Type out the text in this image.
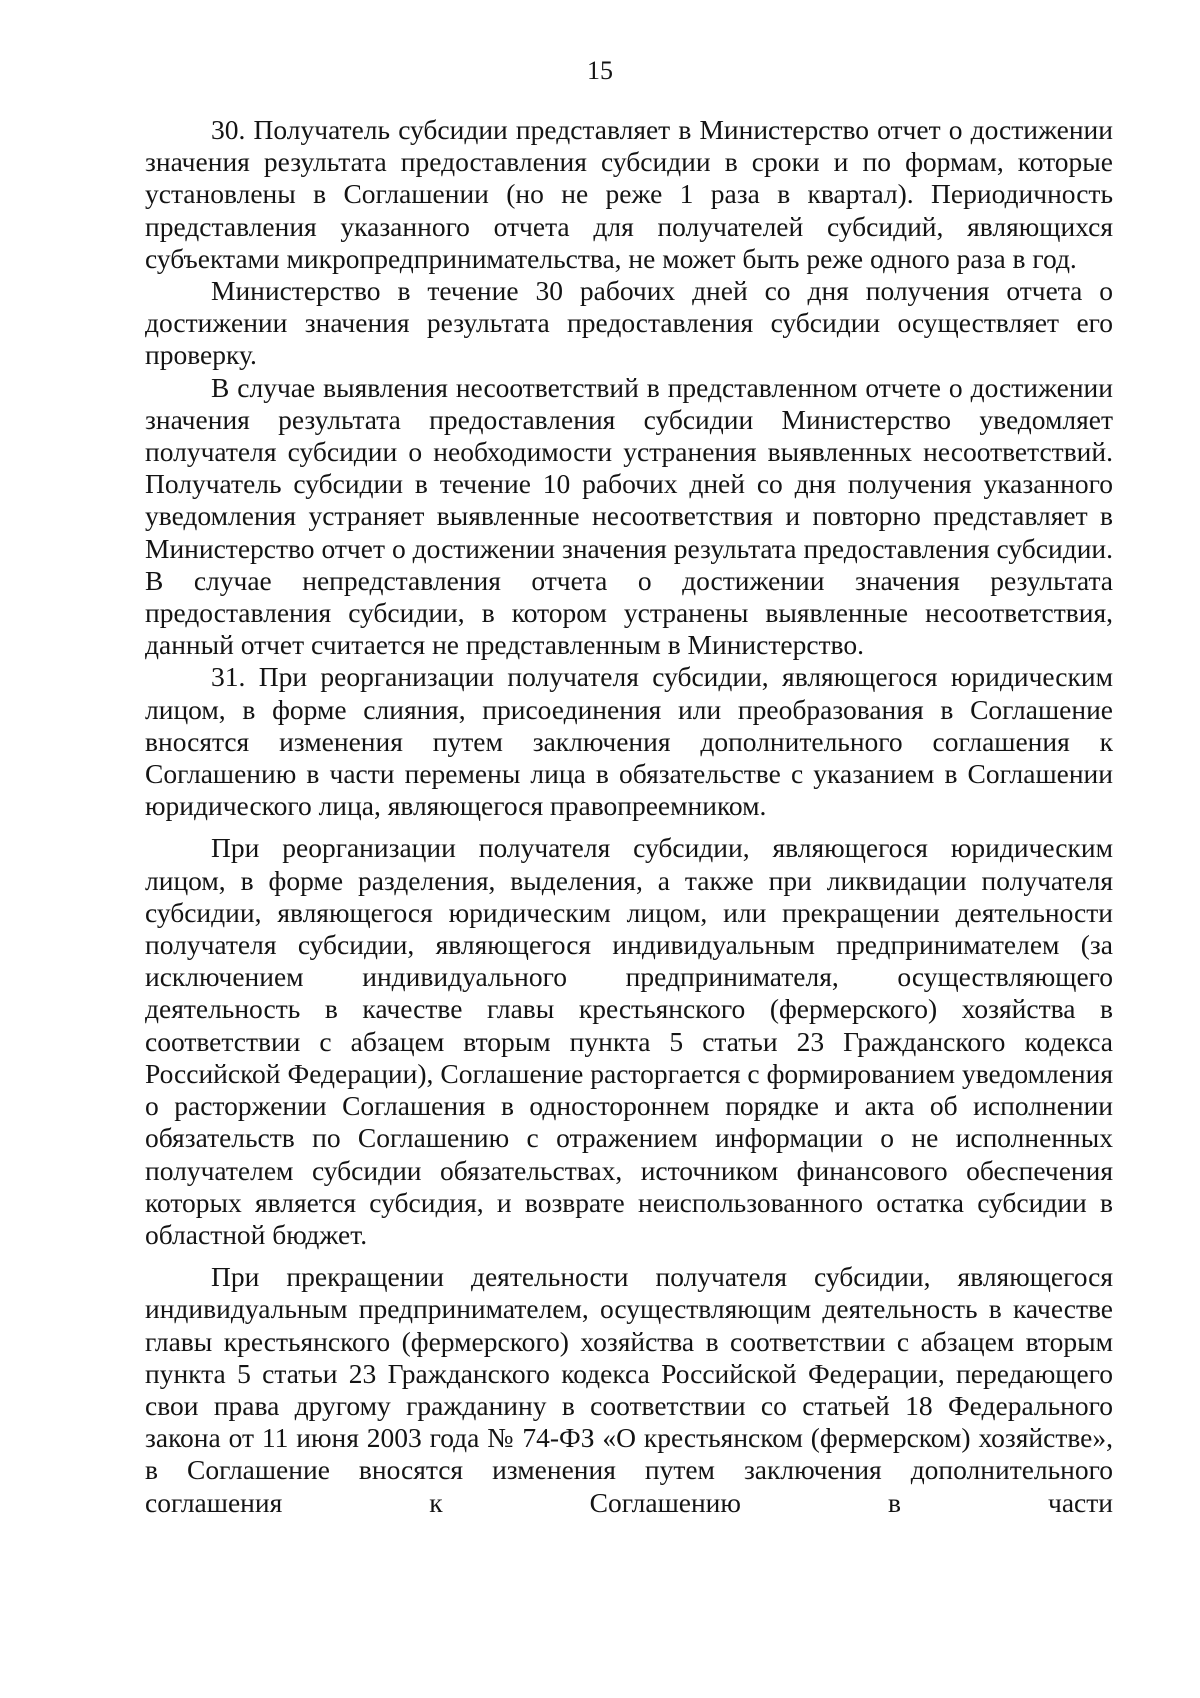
15

30. Получатель субсидии представляет в Министерство отчет о достижении значения результата предоставления субсидии в сроки и по формам, которые установлены в Соглашении (но не реже 1 раза в квартал). Периодичность представления указанного отчета для получателей субсидий, являющихся субъектами микропредпринимательства, не может быть реже одного раза в год.

Министерство в течение 30 рабочих дней со дня получения отчета о достижении значения результата предоставления субсидии осуществляет его проверку.

В случае выявления несоответствий в представленном отчете о достижении значения результата предоставления субсидии Министерство уведомляет получателя субсидии о необходимости устранения выявленных несоответствий. Получатель субсидии в течение 10 рабочих дней со дня получения указанного уведомления устраняет выявленные несоответствия и повторно представляет в Министерство отчет о достижении значения результата предоставления субсидии. В случае непредставления отчета о достижении значения результата предоставления субсидии, в котором устранены выявленные несоответствия, данный отчет считается не представленным в Министерство.

31. При реорганизации получателя субсидии, являющегося юридическим лицом, в форме слияния, присоединения или преобразования в Соглашение вносятся изменения путем заключения дополнительного соглашения к Соглашению в части перемены лица в обязательстве с указанием в Соглашении юридического лица, являющегося правопреемником.

При реорганизации получателя субсидии, являющегося юридическим лицом, в форме разделения, выделения, а также при ликвидации получателя субсидии, являющегося юридическим лицом, или прекращении деятельности получателя субсидии, являющегося индивидуальным предпринимателем (за исключением индивидуального предпринимателя, осуществляющего деятельность в качестве главы крестьянского (фермерского) хозяйства в соответствии с абзацем вторым пункта 5 статьи 23 Гражданского кодекса Российской Федерации), Соглашение расторгается с формированием уведомления о расторжении Соглашения в одностороннем порядке и акта об исполнении обязательств по Соглашению с отражением информации о не исполненных получателем субсидии обязательствах, источником финансового обеспечения которых является субсидия, и возврате неиспользованного остатка субсидии в областной бюджет.

При прекращении деятельности получателя субсидии, являющегося индивидуальным предпринимателем, осуществляющим деятельность в качестве главы крестьянского (фермерского) хозяйства в соответствии с абзацем вторым пункта 5 статьи 23 Гражданского кодекса Российской Федерации, передающего свои права другому гражданину в соответствии со статьей 18 Федерального закона от 11 июня 2003 года № 74-ФЗ «О крестьянском (фермерском) хозяйстве», в Соглашение вносятся изменения путем заключения дополнительного соглашения к Соглашению в части
